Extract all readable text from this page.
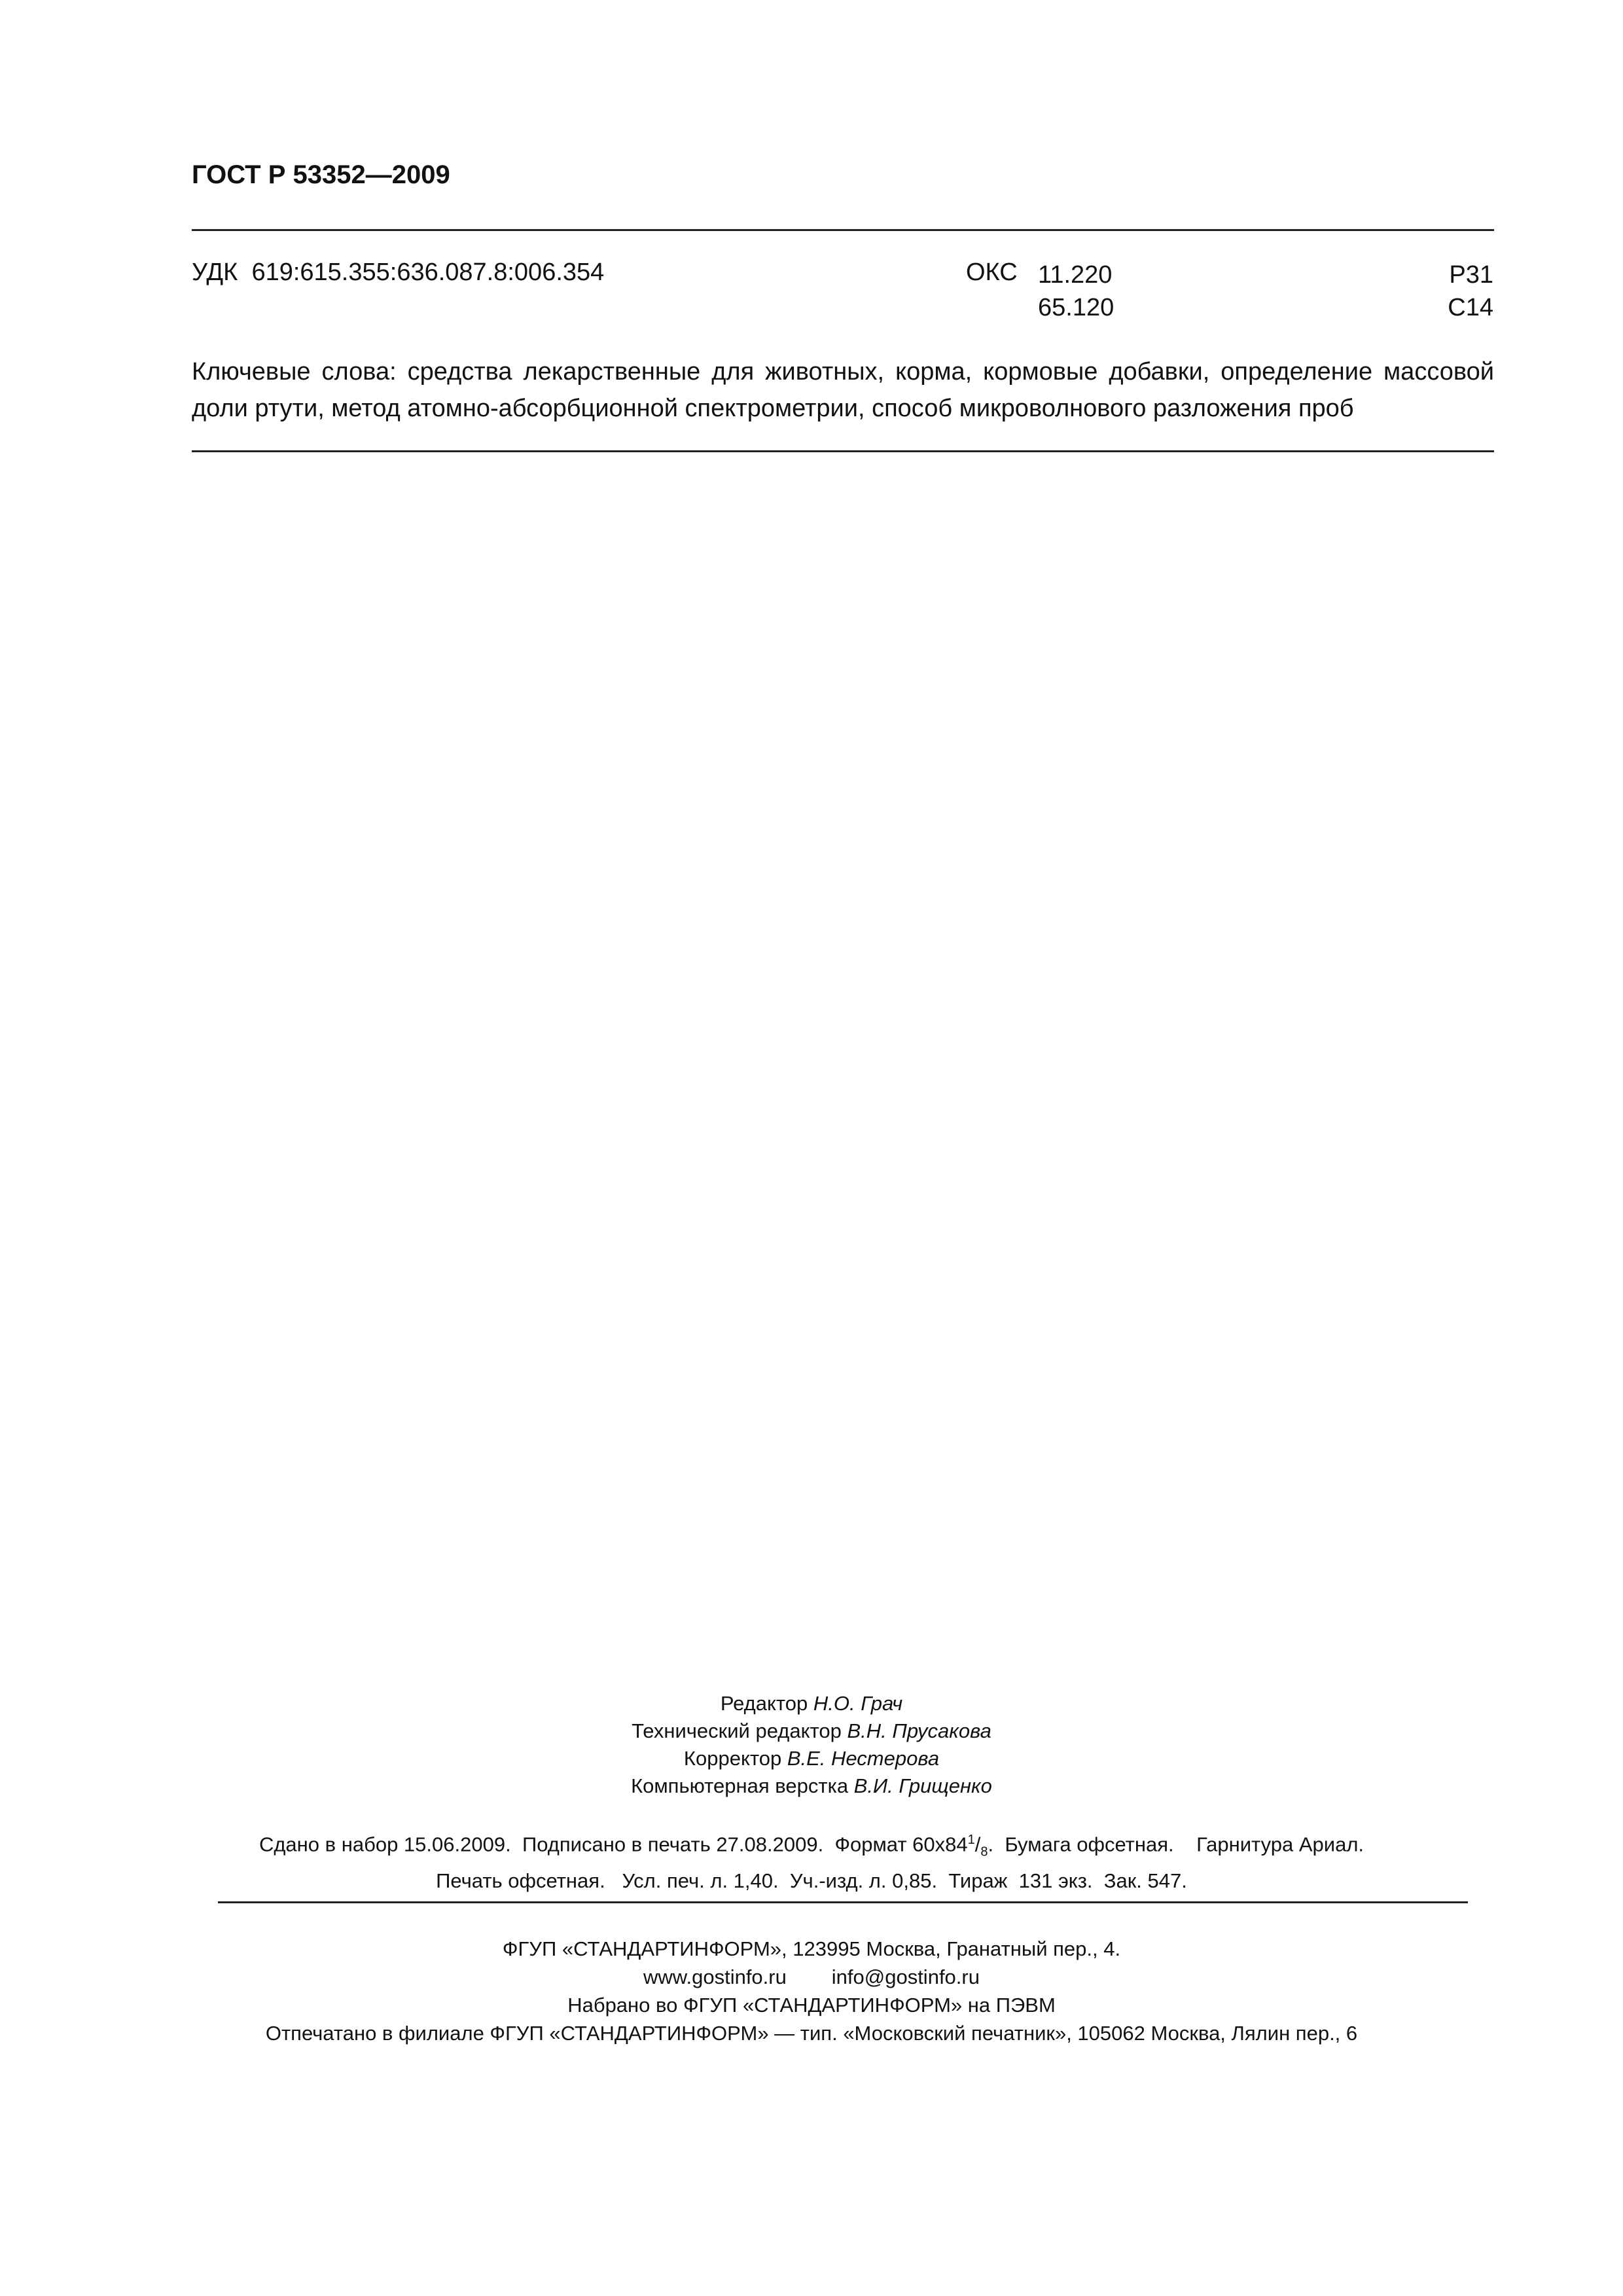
ГОСТ Р 53352—2009
УДК 619:615.355:636.087.8:006.354	ОКС 11.220
65.120
Р31
С14
Ключевые слова: средства лекарственные для животных, корма, кормовые добавки, определение массовой доли ртути, метод атомно-абсорбционной спектрометрии, способ микроволнового разложения проб
Редактор Н.О. Грач
Технический редактор В.Н. Прусакова
Корректор В.Е. Нестерова
Компьютерная верстка В.И. Грищенко
Сдано в набор 15.06.2009. Подписано в печать 27.08.2009. Формат $60х84^1/_8$. Бумага офсетная. Гарнитура Ариал.
Печать офсетная. Усл. печ. л. 1,40. Уч.-изд. л. 0,85. Тираж  131 экз. Зак. 547.
ФГУП «СТАНДАРТИНФОРМ», 123995 Москва, Гранатный пер., 4.
www.gostinfo.ru info@gostinfo.ru
Набрано во ФГУП «СТАНДАРТИНФОРМ» на ПЭВМ
Отпечатано в филиале ФГУП «СТАНДАРТИНФОРМ» — тип. «Московский печатник», 105062 Москва, Лялин пер., 6
